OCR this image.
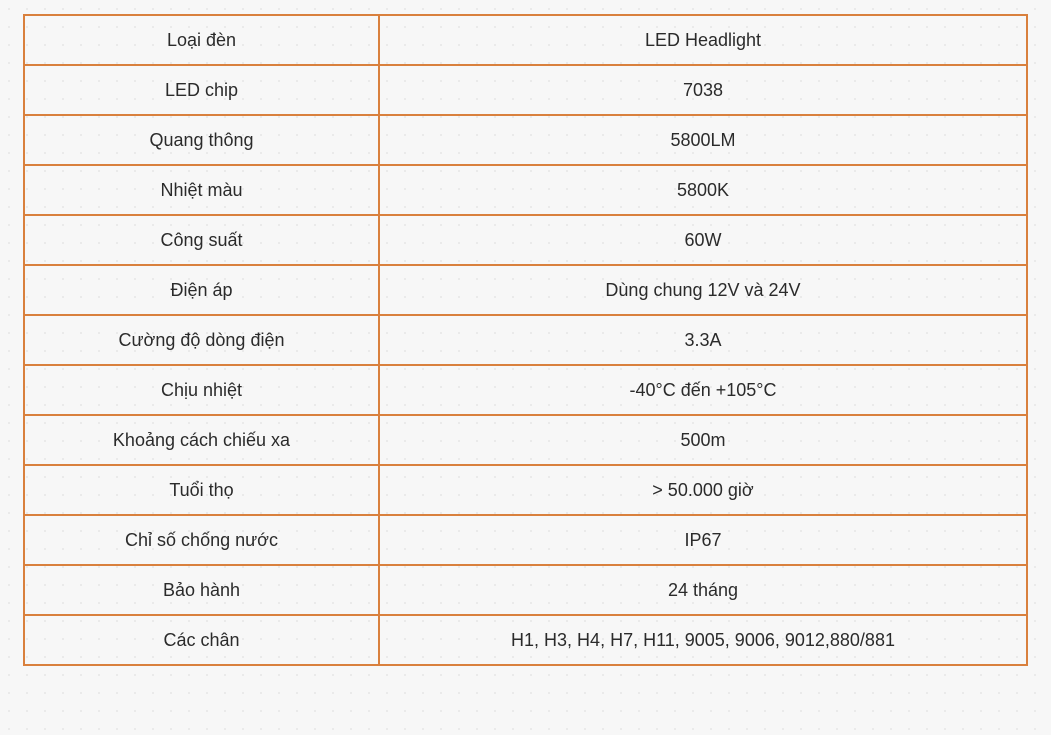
Loại đèn	LED Headlight
LED chip	7038
Quang thông	5800LM
Nhiệt màu	5800K
Công suất	60W
Điện áp	Dùng chung 12V và 24V
Cường độ dòng điện	3.3A
Chịu nhiệt	-40°C đến +105°C
Khoảng cách chiếu xa	500m
Tuổi thọ	> 50.000 giờ
Chỉ số chống nước	IP67
Bảo hành	24 tháng
Các chân	H1, H3, H4, H7, H11, 9005, 9006, 9012,880/881
